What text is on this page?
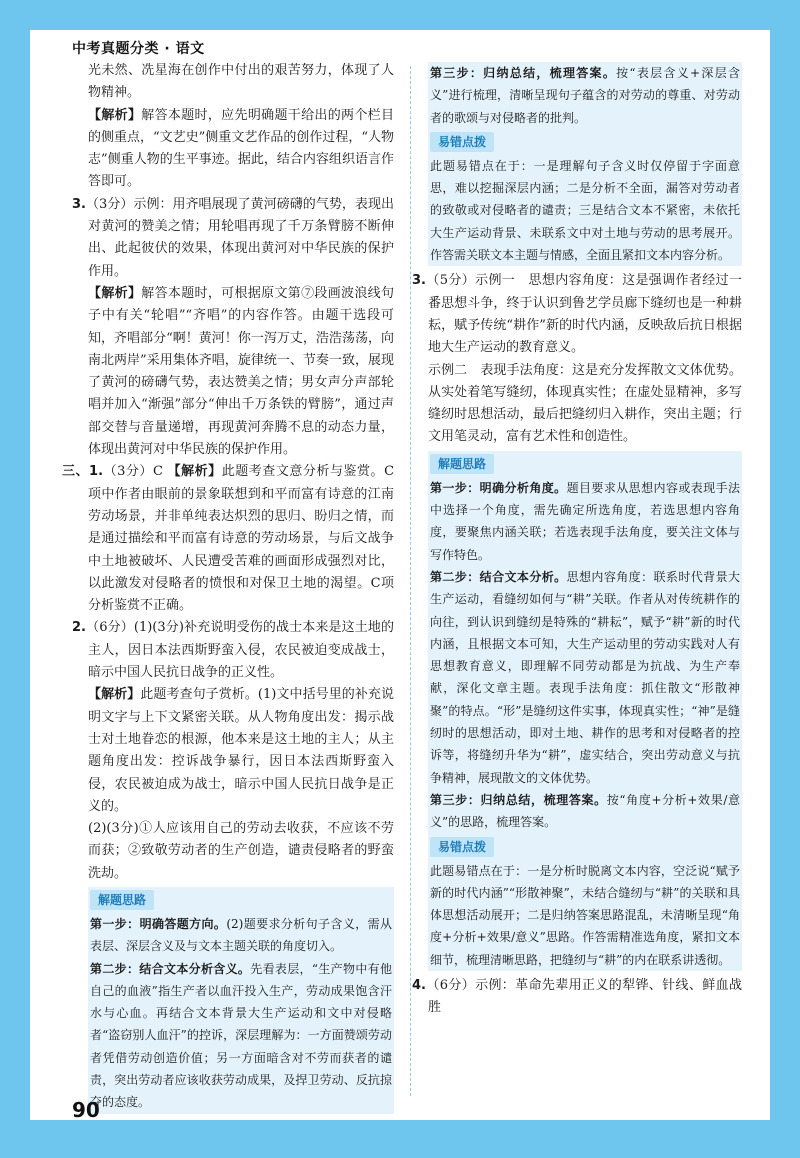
中考真题分类 · 语文

光未然、冼星海在创作中付出的艰苦努力，体现了人物精神。

【解析】解答本题时，应先明确题干给出的两个栏目的侧重点，“文艺史”侧重文艺作品的创作过程，“人物志”侧重人物的生平事迹。据此，结合内容组织语言作答即可。

3.（3分）示例：用齐唱展现了黄河磅礴的气势，表现出对黄河的赞美之情；用轮唱再现了千万条臂膀不断伸出、此起彼伏的效果，体现出黄河对中华民族的保护作用。

【解析】解答本题时，可根据原文第⑦段画波浪线句子中有关“轮唱”“齐唱”的内容作答。由题干选段可知，齐唱部分“啊！黄河！你一泻万丈，浩浩荡荡，向南北两岸”采用集体齐唱，旋律统一、节奏一致，展现了黄河的磅礴气势，表达赞美之情；男女声分声部轮唱并加入“渐强”部分“伸出千万条铁的臂膀”，通过声部交替与音量递增，再现黄河奔腾不息的动态力量，体现出黄河对中华民族的保护作用。

三、1.（3分）C 【解析】此题考查文意分析与鉴赏。C项中作者由眼前的景象联想到和平而富有诗意的江南劳动场景，并非单纯表达炽烈的思归、盼归之情，而是通过描绘和平而富有诗意的劳动场景，与后文战争中土地被破坏、人民遭受苦难的画面形成强烈对比，以此激发对侵略者的愤恨和对保卫土地的渴望。C项分析鉴赏不正确。

2.（6分）(1)(3分)补充说明受伤的战士本来是这土地的主人，因日本法西斯野蛮入侵，农民被迫变成战士，暗示中国人民抗日战争的正义性。

【解析】此题考查句子赏析。(1)文中括号里的补充说明文字与上下文紧密关联。从人物角度出发：揭示战士对土地眷恋的根源，他本来是这土地的主人；从主题角度出发：控诉战争暴行，因日本法西斯野蛮入侵，农民被迫成为战士，暗示中国人民抗日战争是正义的。

(2)(3分)①人应该用自己的劳动去收获，不应该不劳而获；②致敬劳动者的生产创造，谴责侵略者的野蛮洗劫。

解题思路

第一步：明确答题方向。(2)题要求分析句子含义，需从表层、深层含义及与文本主题关联的角度切入。

第二步：结合文本分析含义。先看表层，“生产物中有他自己的血液”指生产者以血汗投入生产，劳动成果饱含汗水与心血。再结合文本背景大生产运动和文中对侵略者“盗窃别人血汗”的控诉，深层理解为：一方面赞颂劳动者凭借劳动创造价值；另一方面暗含对不劳而获者的谴责，突出劳动者应该收获劳动成果，及捍卫劳动、反抗掠夺的态度。

第三步：归纳总结，梳理答案。按“表层含义+深层含义”进行梳理，清晰呈现句子蕴含的对劳动的尊重、对劳动者的歌颂与对侵略者的批判。

易错点拨

此题易错点在于：一是理解句子含义时仅停留于字面意思，难以挖掘深层内涵；二是分析不全面，漏答对劳动者的致敬或对侵略者的谴责；三是结合文本不紧密，未依托大生产运动背景、未联系文中对土地与劳动的思考展开。作答需关联文本主题与情感，全面且紧扣文本内容分析。

3.（5分）示例一　思想内容角度：这是强调作者经过一番思想斗争，终于认识到鲁艺学员廊下缝纫也是一种耕耘，赋予传统“耕作”新的时代内涵，反映敌后抗日根据地大生产运动的教育意义。

示例二　表现手法角度：这是充分发挥散文文体优势。从实处着笔写缝纫，体现真实性；在虚处显精神，多写缝纫时思想活动，最后把缝纫归入耕作，突出主题；行文用笔灵动，富有艺术性和创造性。

解题思路

第一步：明确分析角度。题目要求从思想内容或表现手法中选择一个角度，需先确定所选角度，若选思想内容角度，要聚焦内涵关联；若选表现手法角度，要关注文体与写作特色。

第二步：结合文本分析。思想内容角度：联系时代背景大生产运动，看缝纫如何与“耕”关联。作者从对传统耕作的向往，到认识到缝纫是特殊的“耕耘”，赋予“耕”新的时代内涵，且根据文本可知，大生产运动里的劳动实践对人有思想教育意义，即理解不同劳动都是为抗战、为生产奉献，深化文章主题。表现手法角度：抓住散文“形散神聚”的特点。“形”是缝纫这件实事，体现真实性；“神”是缝纫时的思想活动，即对土地、耕作的思考和对侵略者的控诉等，将缝纫升华为“耕”，虚实结合，突出劳动意义与抗争精神，展现散文的文体优势。

第三步：归纳总结，梳理答案。按“角度+分析+效果/意义”的思路，梳理答案。

易错点拨

此题易错点在于：一是分析时脱离文本内容，空泛说“赋予新的时代内涵”“形散神聚”，未结合缝纫与“耕”的关联和具体思想活动展开；二是归纳答案思路混乱，未清晰呈现“角度+分析+效果/意义”思路。作答需精准选角度，紧扣文本细节，梳理清晰思路，把缝纫与“耕”的内在联系讲透彻。

4.（6分）示例：革命先辈用正义的犁铧、针线、鲜血战胜

90
